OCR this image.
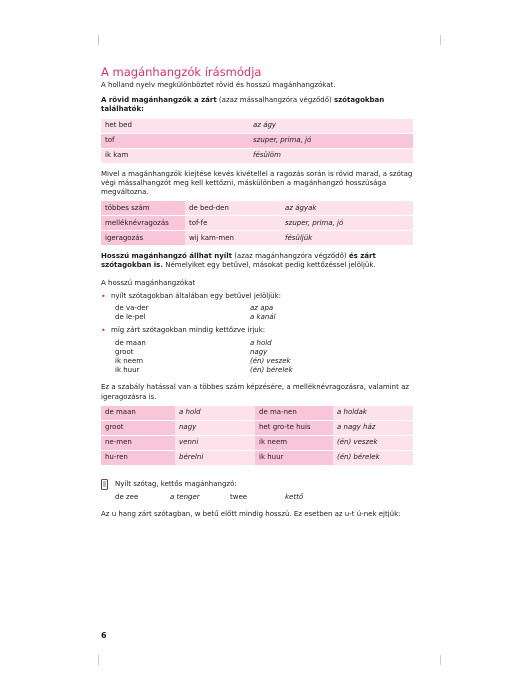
A magánhangzók írásmódja

A holland nyelv megkülönböztet rövid és hosszú magánhangzókat.

A rövid magánhangzók a zárt (azaz mássalhangzóra végződő) szótagokban találhatók:

het bed	az ágy
tof	szuper, prima, jó
ik kam	fésülöm

Mivel a magánhangzók kiejtése kevés kivétellel a ragozás során is rövid marad, a szótag végi mássalhangzót meg kell kettőzni, máskülönben a magánhangzó hosszúsága megváltozna.

többes szám	de bed-den	az ágyak
melléknévragozás	tof-fe	szuper, prima, jó
igeragozás	wij kam-men	fésüljük

Hosszú magánhangzó állhat nyílt (azaz magánhangzóra végződő) és zárt szótagokban is. Némelyiket egy betűvel, másokat pedig kettőzéssel jelöljük.

A hosszú magánhangzókat

• nyílt szótagokban általában egy betűvel jelöljük:
de va-der	az apa
de le-pel	a kanál
• míg zárt szótagokban mindig kettőzve írjuk:
de maan	a hold
groot	nagy
ik neem	(én) veszek
ik huur	(én) bérelek

Ez a szabály hatással van a többes szám képzésére, a melléknévragozásra, valamint az igeragozásra is.

de maan	a hold	de ma-nen	a holdak
groot	nagy	het gro-te huis	a nagy ház
ne-men	venni	ik neem	(én) veszek
hu-ren	bérelni	ik huur	(én) bérelek
Nyílt szótag, kettős magánhangzó:
de zee	a tenger	twee	kettő

Az u hang zárt szótagban, w betű előtt mindig hosszú. Ez esetben az u-t ú-nek ejtjük:

6
